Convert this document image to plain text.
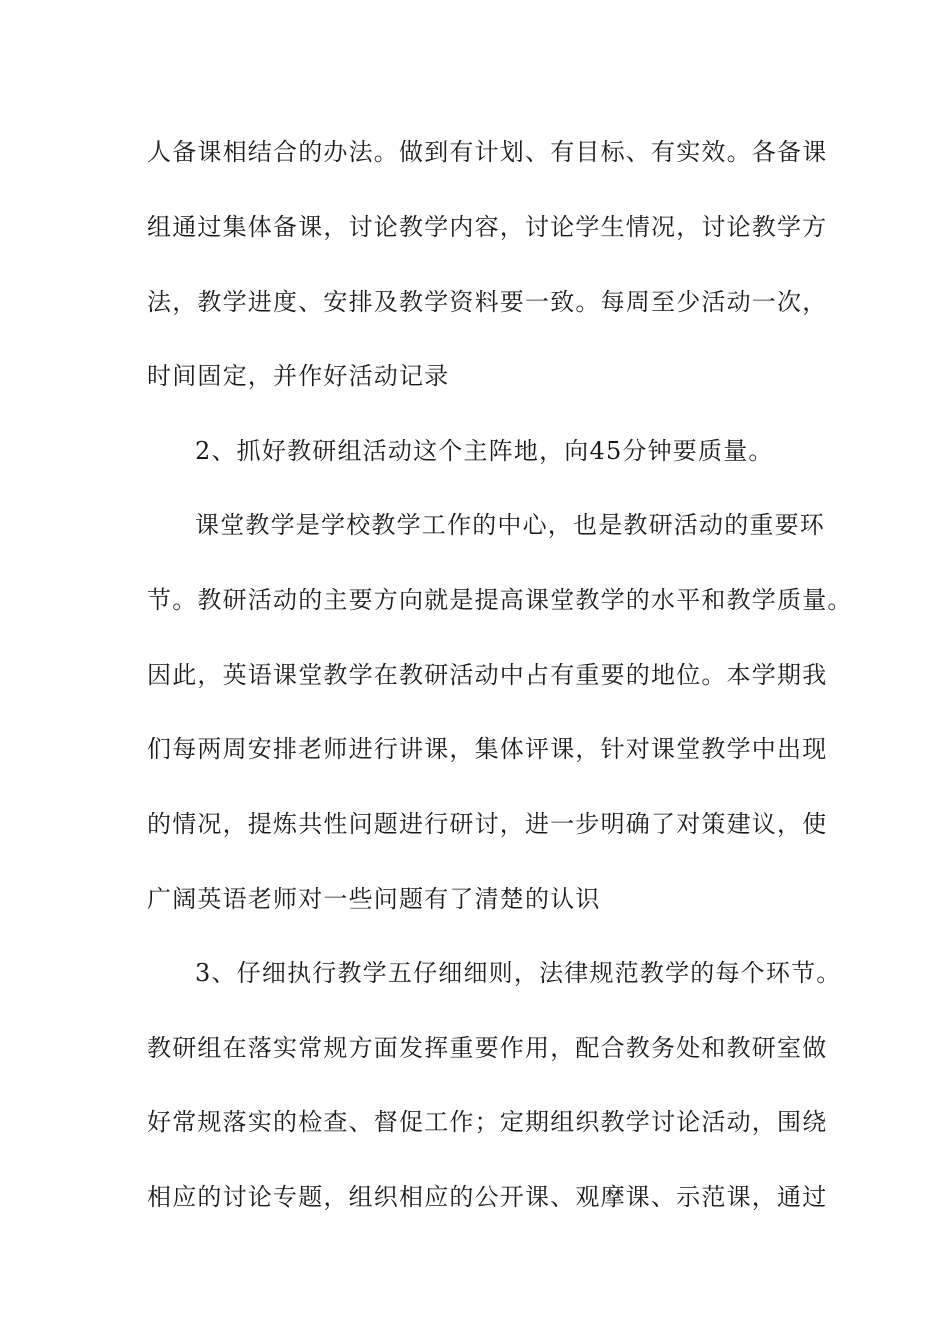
人备课相结合的办法。做到有计划、有目标、有实效。各备课
组通过集体备课，讨论教学内容，讨论学生情况，讨论教学方
法，教学进度、安排及教学资料要一致。每周至少活动一次，
时间固定，并作好活动记录
2、抓好教研组活动这个主阵地，向45分钟要质量。
课堂教学是学校教学工作的中心，也是教研活动的重要环
节。教研活动的主要方向就是提高课堂教学的水平和教学质量。
因此，英语课堂教学在教研活动中占有重要的地位。本学期我
们每两周安排老师进行讲课，集体评课，针对课堂教学中出现
的情况，提炼共性问题进行研讨，进一步明确了对策建议，使
广阔英语老师对一些问题有了清楚的认识
3、仔细执行教学五仔细细则，法律规范教学的每个环节。
教研组在落实常规方面发挥重要作用，配合教务处和教研室做
好常规落实的检查、督促工作；定期组织教学讨论活动，围绕
相应的讨论专题，组织相应的公开课、观摩课、示范课，通过
